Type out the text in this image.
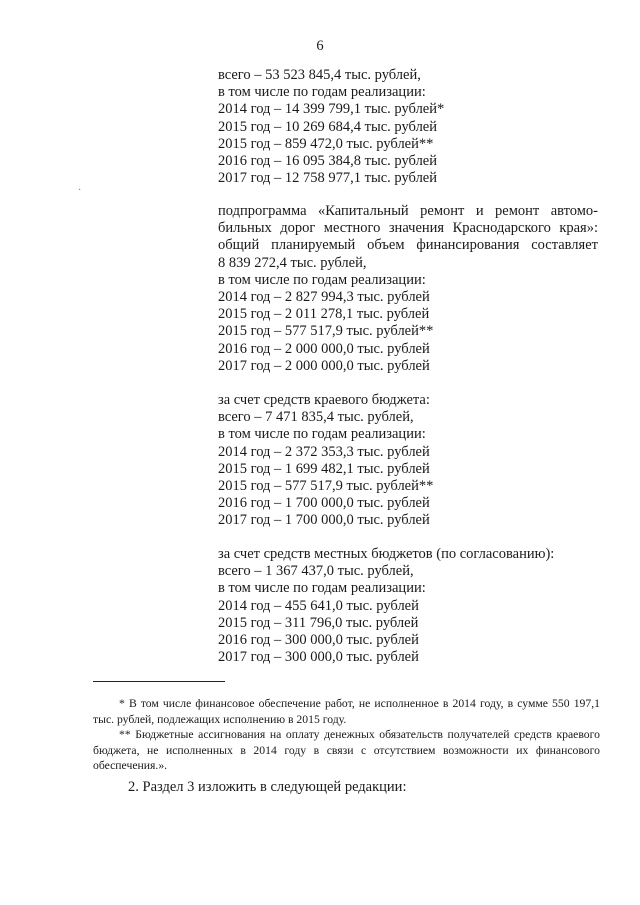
6
всего – 53 523 845,4 тыс. рублей,
в том числе по годам реализации:
2014 год – 14 399 799,1 тыс. рублей*
2015 год – 10 269 684,4 тыс. рублей
2015 год – 859 472,0 тыс. рублей**
2016 год – 16 095 384,8 тыс. рублей
2017 год – 12 758 977,1 тыс. рублей
·
подпрограмма «Капитальный ремонт и ремонт автомо-
бильных дорог местного значения Краснодарского края»:
общий планируемый объем финансирования составляет
8 839 272,4 тыс. рублей,
в том числе по годам реализации:
2014 год – 2 827 994,3 тыс. рублей
2015 год – 2 011 278,1 тыс. рублей
2015 год – 577 517,9 тыс. рублей**
2016 год – 2 000 000,0 тыс. рублей
2017 год – 2 000 000,0 тыс. рублей
за счет средств краевого бюджета:
всего – 7 471 835,4 тыс. рублей,
в том числе по годам реализации:
2014 год – 2 372 353,3 тыс. рублей
2015 год – 1 699 482,1 тыс. рублей
2015 год – 577 517,9 тыс. рублей**
2016 год – 1 700 000,0 тыс. рублей
2017 год – 1 700 000,0 тыс. рублей
за счет средств местных бюджетов (по согласованию):
всего – 1 367 437,0 тыс. рублей,
в том числе по годам реализации:
2014 год – 455 641,0 тыс. рублей
2015 год – 311 796,0 тыс. рублей
2016 год – 300 000,0 тыс. рублей
2017 год – 300 000,0 тыс. рублей
* В том числе финансовое обеспечение работ, не исполненное в 2014 году, в сумме 550 197,1 тыс. рублей, подлежащих исполнению в 2015 году.
** Бюджетные ассигнования на оплату денежных обязательств получателей средств краевого бюджета, не исполненных в 2014 году в связи с отсутствием возможности их финансового обеспечения.».
2. Раздел 3 изложить в следующей редакции:
